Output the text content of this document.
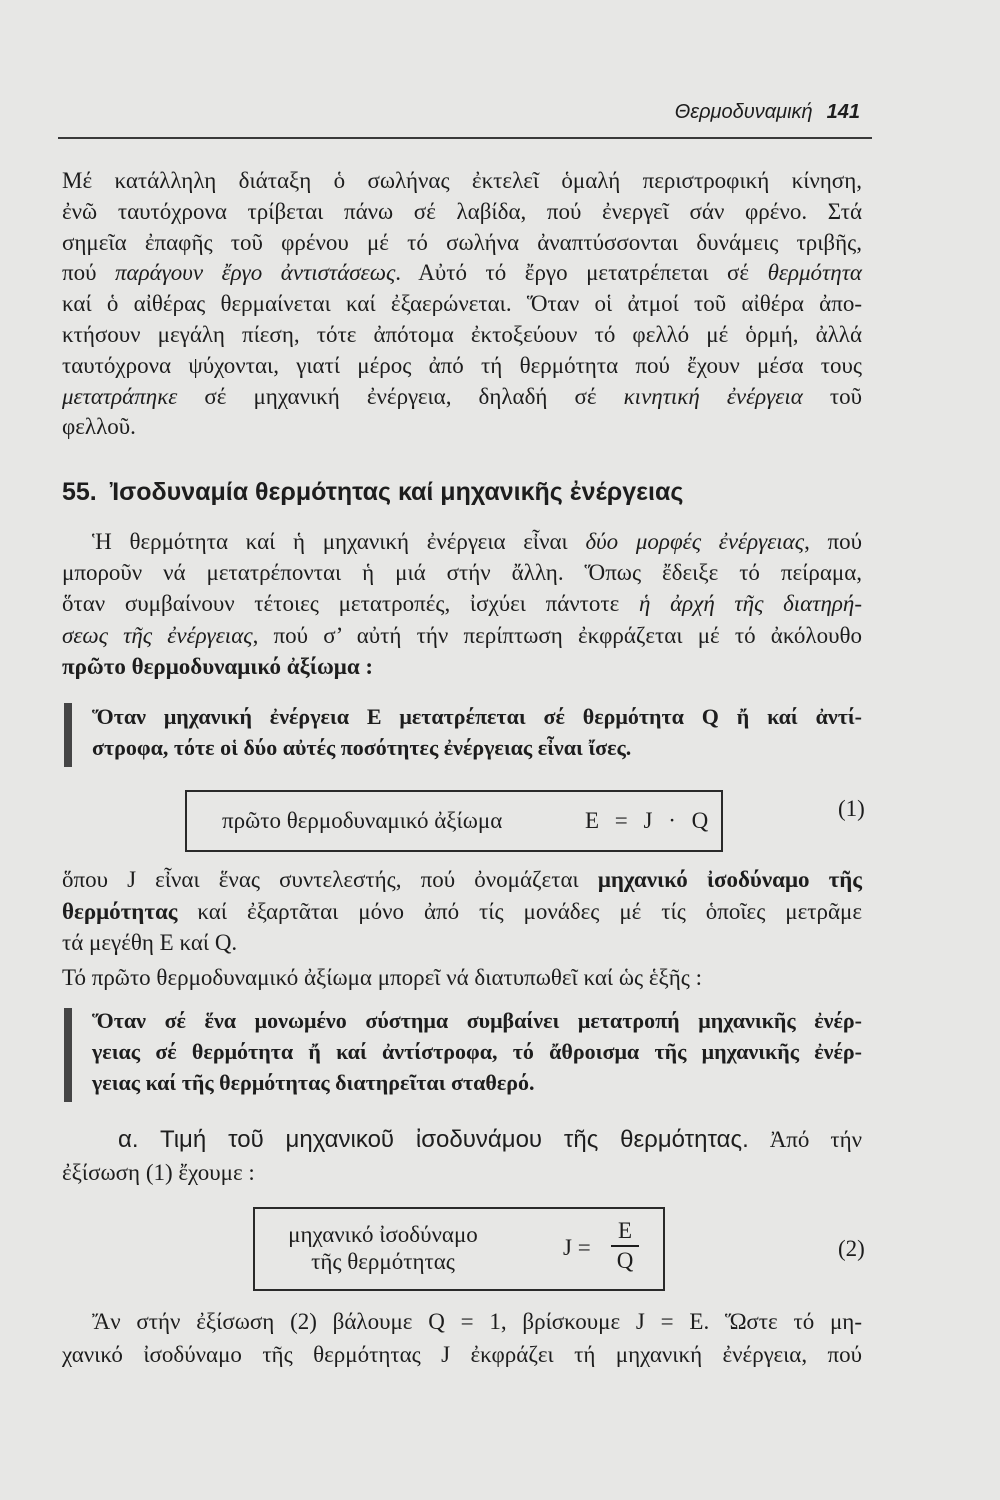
Θερμοδυναμική 141
Μέ κατάλληλη διάταξη ὁ σωλήνας ἐκτελεῖ ὁμαλή περιστροφική κίνηση,
ἐνῶ ταυτόχρονα τρίβεται πάνω σέ λαβίδα, πού ἐνεργεῖ σάν φρένο. Στά
σημεῖα ἐπαφῆς τοῦ φρένου μέ τό σωλήνα ἀναπτύσσονται δυνάμεις τριβῆς,
πού παράγουν ἔργο ἀντιστάσεως. Αὐτό τό ἔργο μετατρέπεται σέ θερμότητα
καί ὁ αἰθέρας θερμαίνεται καί ἐξαερώνεται. Ὅταν οἱ ἀτμοί τοῦ αἰθέρα ἀπο-
κτήσουν μεγάλη πίεση, τότε ἀπότομα ἐκτοξεύουν τό φελλό μέ ὁρμή, ἀλλά
ταυτόχρονα ψύχονται, γιατί μέρος ἀπό τή θερμότητα πού ἔχουν μέσα τους
μετατράπηκε σέ μηχανική ἐνέργεια, δηλαδή σέ κινητική ἐνέργεια τοῦ
φελλοῦ.
55. Ἰσοδυναμία θερμότητας καί μηχανικῆς ἐνέργειας
Ἡ θερμότητα καί ἡ μηχανική ἐνέργεια εἶναι δύο μορφές ἐνέργειας, πού
μποροῦν νά μετατρέπονται ἡ μιά στήν ἄλλη. Ὅπως ἔδειξε τό πείραμα,
ὅταν συμβαίνουν τέτοιες μετατροπές, ἰσχύει πάντοτε ἡ ἀρχή τῆς διατηρή-
σεως τῆς ἐνέργειας, πού σ’ αὐτή τήν περίπτωση ἐκφράζεται μέ τό ἀκόλουθο
πρῶτο θερμοδυναμικό ἀξίωμα :
Ὅταν μηχανική ἐνέργεια Ε μετατρέπεται σέ θερμότητα Q ἤ καί ἀντί-
στροφα, τότε οἱ δύο αὐτές ποσότητες ἐνέργειας εἶναι ἴσες.
πρῶτο θερμοδυναμικό ἀξίωμα	E = J · Q	(1)
ὅπου J εἶναι ἕνας συντελεστής, πού ὀνομάζεται μηχανικό ἰσοδύναμο τῆς
θερμότητας καί ἐξαρτᾶται μόνο ἀπό τίς μονάδες μέ τίς ὁποῖες μετρᾶμε
τά μεγέθη Ε καί Q.
Τό πρῶτο θερμοδυναμικό ἀξίωμα μπορεῖ νά διατυπωθεῖ καί ὡς ἑξῆς :
Ὅταν σέ ἕνα μονωμένο σύστημα συμβαίνει μετατροπή μηχανικῆς ἐνέρ-
γειας σέ θερμότητα ἤ καί ἀντίστροφα, τό ἄθροισμα τῆς μηχανικῆς ἐνέρ-
γειας καί τῆς θερμότητας διατηρεῖται σταθερό.
α. Τιμή τοῦ μηχανικοῦ ἰσοδυνάμου τῆς θερμότητας. Ἀπό τήν
ἐξίσωση (1) ἔχουμε :
μηχανικό ἰσοδύναμο
τῆς θερμότητας
J =
E
Q	(2)
Ἄν στήν ἐξίσωση (2) βάλουμε Q = 1, βρίσκουμε J = Ε. Ὥστε τό μη-
χανικό ἰσοδύναμο τῆς θερμότητας J ἐκφράζει τή μηχανική ἐνέργεια, πού
